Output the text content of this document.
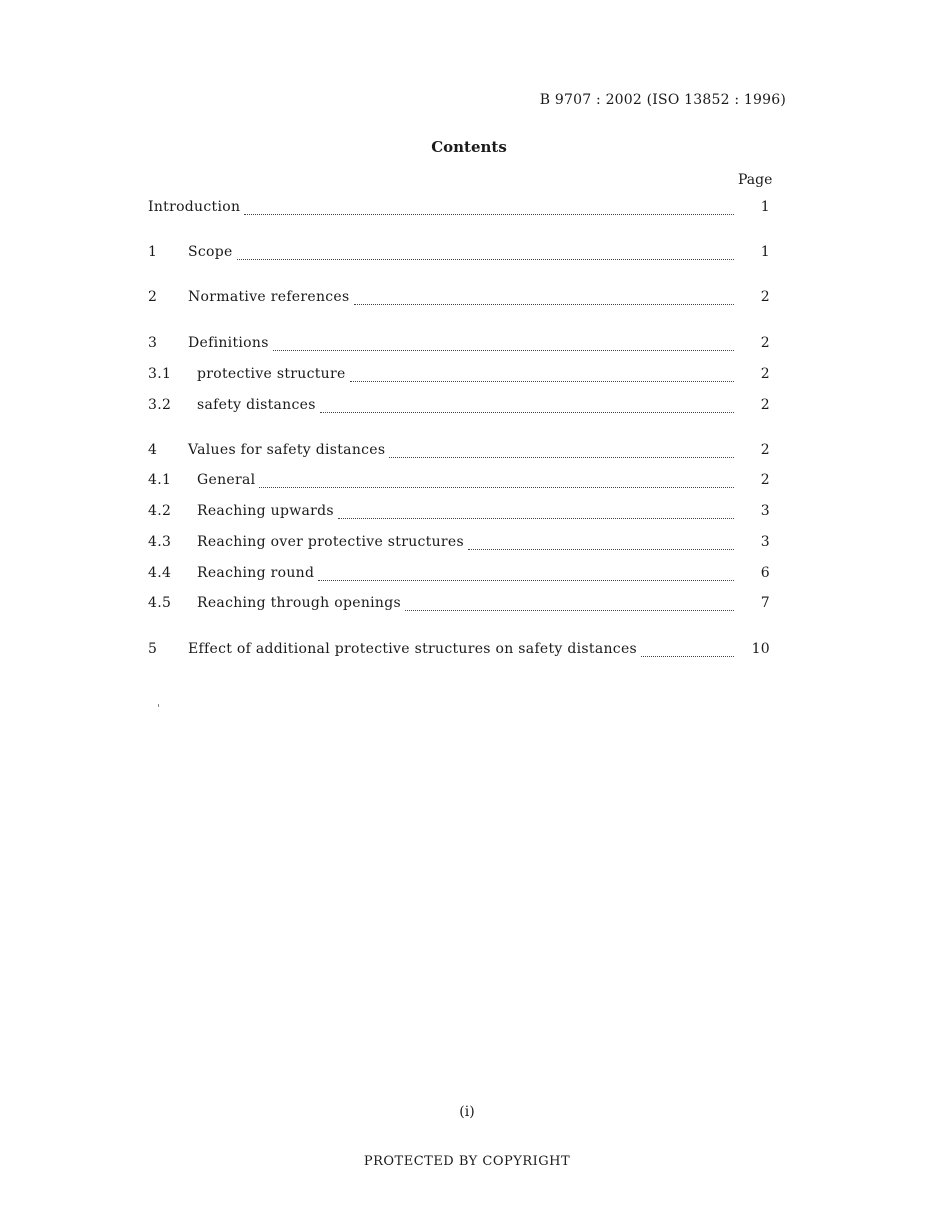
B 9707 : 2002 (ISO 13852 : 1996)
Contents
Page
Introduction	1
1	Scope	1
2	Normative references	2
3	Definitions	2
3.1	protective structure	2
3.2	safety distances	2
4	Values for safety distances	2
4.1	General	2
4.2	Reaching upwards	3
4.3	Reaching over protective structures	3
4.4	Reaching round	6
4.5	Reaching through openings	7
5	Effect of additional protective structures on safety distances	10
(i)
PROTECTED BY COPYRIGHT
